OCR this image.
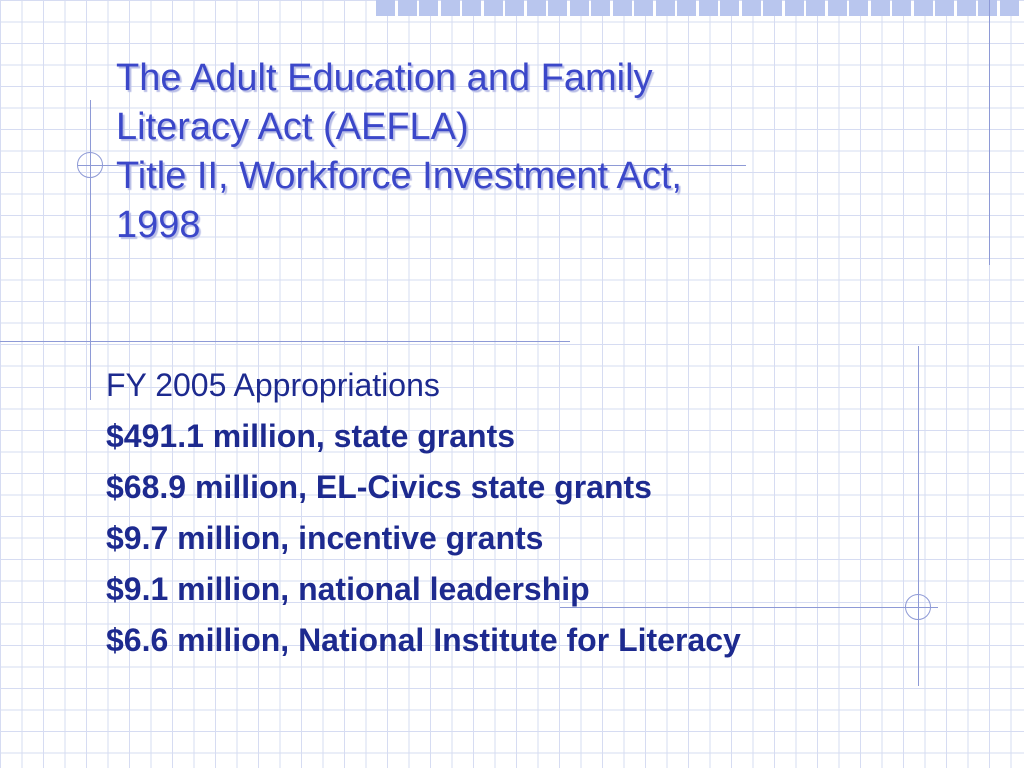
The Adult Education and Family
Literacy Act (AEFLA)
Title II, Workforce Investment Act,
1998
FY 2005 Appropriations
$491.1 million, state grants
$68.9 million, EL-Civics state grants
$9.7 million, incentive grants
$9.1 million, national leadership
$6.6 million, National Institute for Literacy
